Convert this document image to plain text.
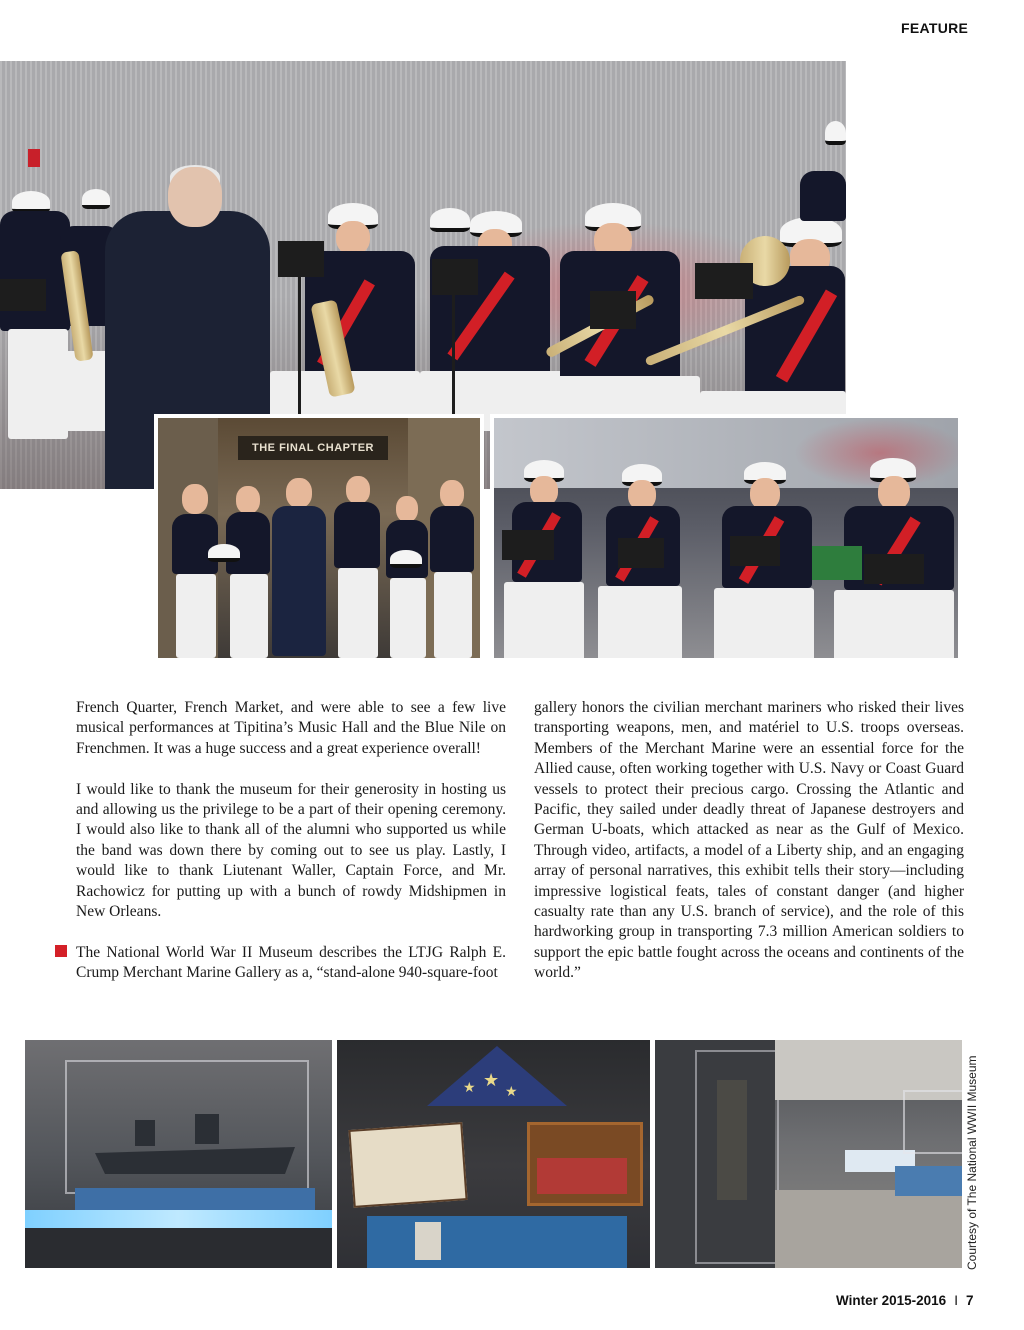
FEATURE
THE FINAL CHAPTER

French Quarter, French Market, and were able to see a few live musical performances at Tipitina’s Music Hall and the Blue Nile on Frenchmen. It was a huge success and a great experience overall!

I would like to thank the museum for their generosity in hosting us and allowing us the privilege to be a part of their opening ceremony. I would also like to thank all of the alumni who supported us while the band was down there by coming out to see us play. Lastly, I would like to thank Liutenant Waller, Captain Force, and Mr. Rachowicz for putting up with a bunch of rowdy Midshipmen in New Orleans.

The National World War II Museum describes the LTJG Ralph E. Crump Merchant Marine Gallery as a, “stand-alone 940-square-foot

gallery honors the civilian merchant mariners who risked their lives transporting weapons, men, and matériel to U.S. troops overseas. Members of the Merchant Marine were an essential force for the Allied cause, often working together with U.S. Navy or Coast Guard vessels to protect their precious cargo. Crossing the Atlantic and Pacific, they sailed under deadly threat of Japanese destroyers and German U-boats, which attacked as near as the Gulf of Mexico. Through video, artifacts, a model of a Liberty ship, and an engaging array of personal narratives, this exhibit tells their story—including impressive logistical feats, tales of constant danger (and higher casualty rate than any U.S. branch of service), and the role of this hardworking group in transporting 7.3 million American soldiers to support the epic battle fought across the oceans and continents of the world.”

★
★ ★	Courtesy of The National WWII Museum
Winter 2015-2016 I 7
